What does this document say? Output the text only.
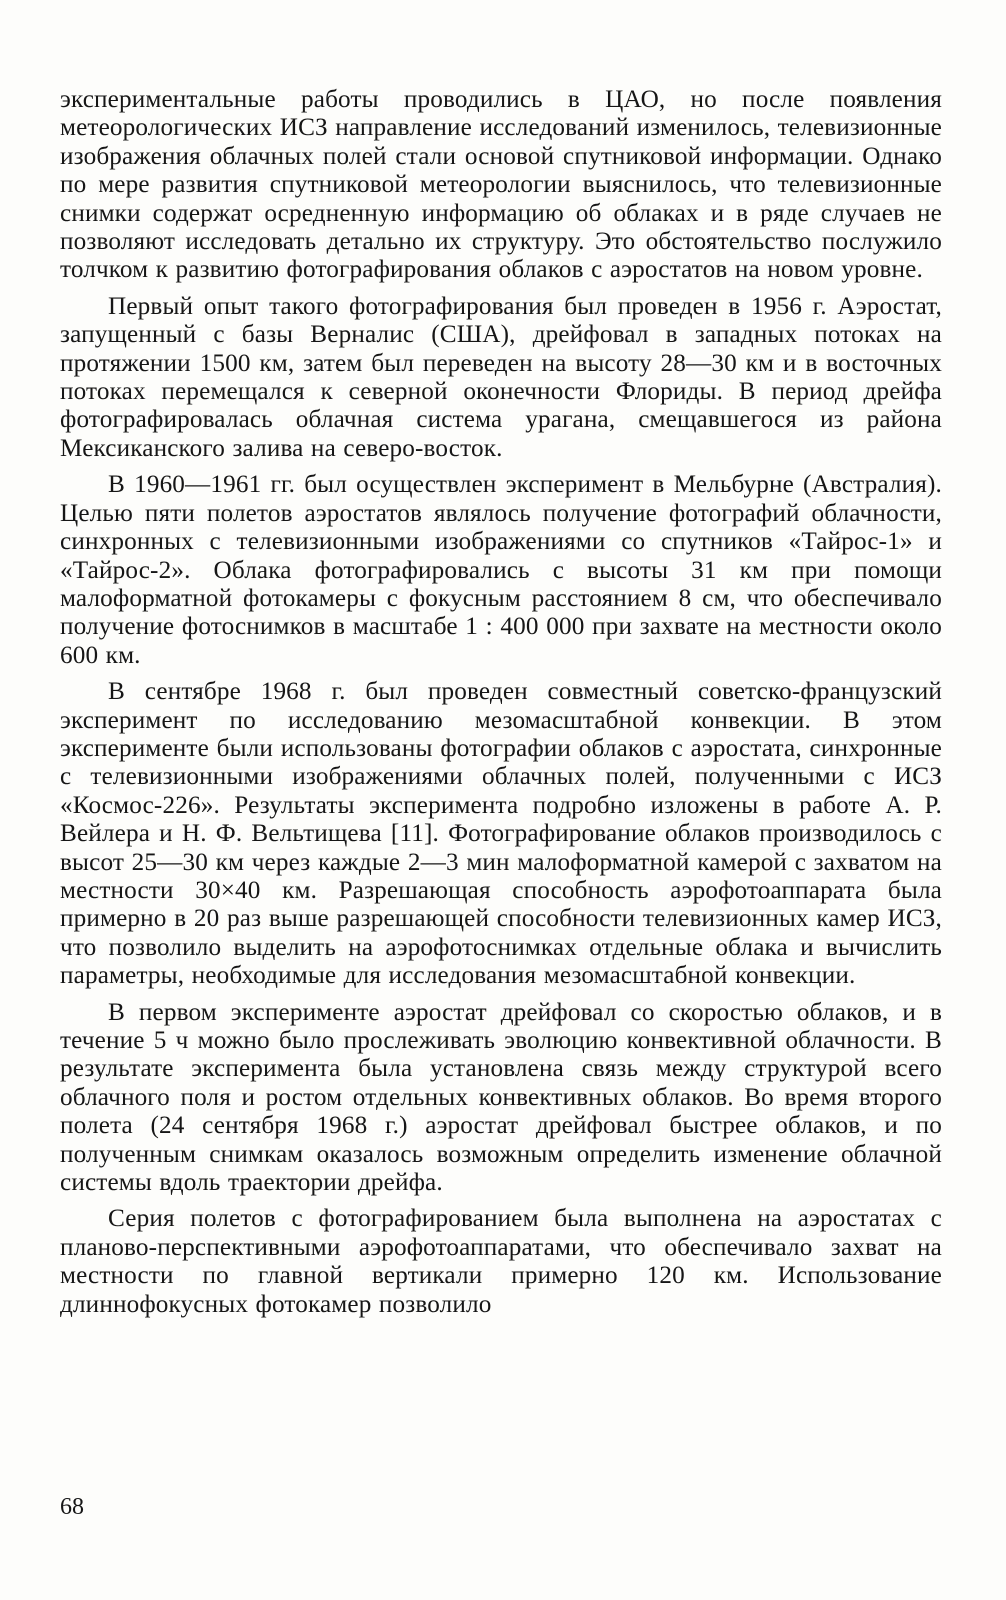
экспериментальные работы проводились в ЦАО, но после появления метеорологических ИСЗ направление исследований изменилось, телевизионные изображения облачных полей стали основой спутниковой информации. Однако по мере развития спутниковой метеорологии выяснилось, что телевизионные снимки содержат осредненную информацию об облаках и в ряде случаев не позволяют исследовать детально их структуру. Это обстоятельство послужило толчком к развитию фотографирования облаков с аэростатов на новом уровне.

Первый опыт такого фотографирования был проведен в 1956 г. Аэростат, запущенный с базы Верналис (США), дрейфовал в западных потоках на протяжении 1500 км, затем был переведен на высоту 28—30 км и в восточных потоках перемещался к северной оконечности Флориды. В период дрейфа фотографировалась облачная система урагана, смещавшегося из района Мексиканского залива на северо-восток.

В 1960—1961 гг. был осуществлен эксперимент в Мельбурне (Австралия). Целью пяти полетов аэростатов являлось получение фотографий облачности, синхронных с телевизионными изображениями со спутников «Тайрос-1» и «Тайрос-2». Облака фотографировались с высоты 31 км при помощи малоформатной фотокамеры с фокусным расстоянием 8 см, что обеспечивало получение фотоснимков в масштабе 1 : 400 000 при захвате на местности около 600 км.

В сентябре 1968 г. был проведен совместный советско-французский эксперимент по исследованию мезомасштабной конвекции. В этом эксперименте были использованы фотографии облаков с аэростата, синхронные с телевизионными изображениями облачных полей, полученными с ИСЗ «Космос-226». Результаты эксперимента подробно изложены в работе А. Р. Вейлера и Н. Ф. Вельтищева [11]. Фотографирование облаков производилось с высот 25—30 км через каждые 2—3 мин малоформатной камерой с захватом на местности 30×40 км. Разрешающая способность аэрофотоаппарата была примерно в 20 раз выше разрешающей способности телевизионных камер ИСЗ, что позволило выделить на аэрофотоснимках отдельные облака и вычислить параметры, необходимые для исследования мезомасштабной конвекции.

В первом эксперименте аэростат дрейфовал со скоростью облаков, и в течение 5 ч можно было прослеживать эволюцию конвективной облачности. В результате эксперимента была установлена связь между структурой всего облачного поля и ростом отдельных конвективных облаков. Во время второго полета (24 сентября 1968 г.) аэростат дрейфовал быстрее облаков, и по полученным снимкам оказалось возможным определить изменение облачной системы вдоль траектории дрейфа.

Серия полетов с фотографированием была выполнена на аэростатах с планово-перспективными аэрофотоаппаратами, что обеспечивало захват на местности по главной вертикали примерно 120 км. Использование длиннофокусных фотокамер позволило

68
